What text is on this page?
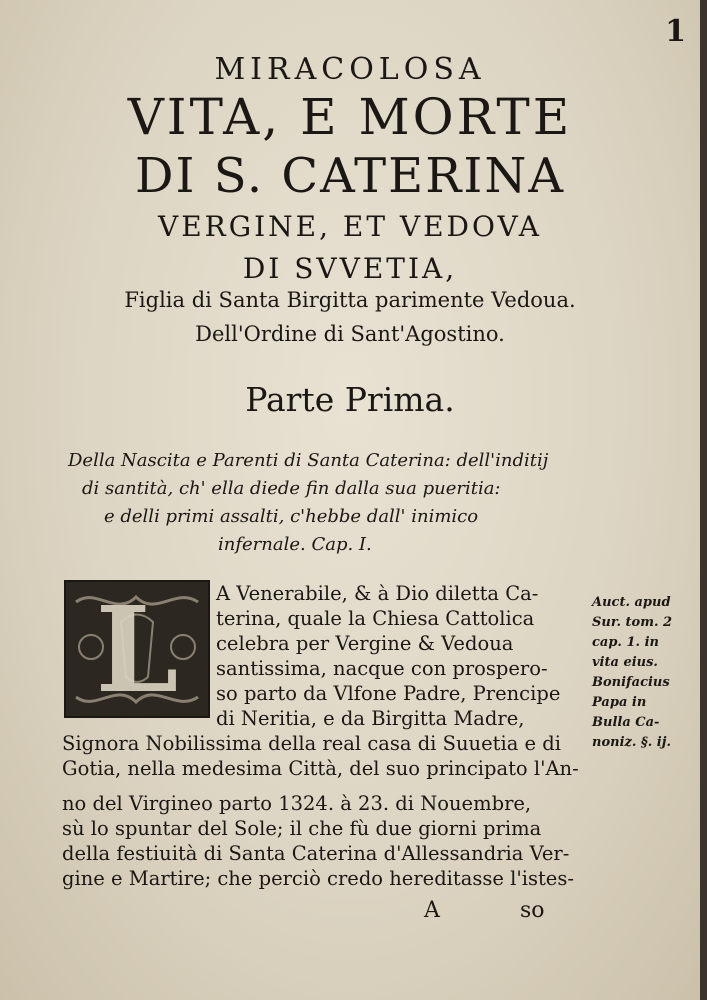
1
MIRACOLOSA
VITA, E MORTE
DI S. CATERINA
VERGINE, ET VEDOVA
DI SVVETIA,
Figlia di Santa Birgitta parimente Vedoua.
Dell'Ordine di Sant'Agostino.
Parte Prima.
Della Nascita e Parenti di Santa Caterina: dell'inditij
di santità, ch' ella diede fin dalla sua pueritia:
e delli primi assalti, c'hebbe dall' inimico
infernale. Cap. I.
L	A Venerabile, & à Dio diletta Ca-
terina, quale la Chiesa Cattolica
celebra per Vergine & Vedoua
santissima, nacque con prospero-
so parto da Vlfone Padre, Prencipe
di Neritia, e da Birgitta Madre,
Signora Nobilissima della real casa di Suuetia e di
Gotia, nella medesima Città, del suo principato l'An-
no del Virgineo parto 1324. à 23. di Nouembre,
sù lo spuntar del Sole; il che fù due giorni prima
della festiuità di Santa Caterina d'Allessandria Ver-
gine e Martire; che perciò credo hereditasse l'istes-
Auct. apud
Sur. tom. 2
cap. 1. in
vita eius.
Bonifacius
Papa in
Bulla Ca-
noniz. §. ij.
A	so
